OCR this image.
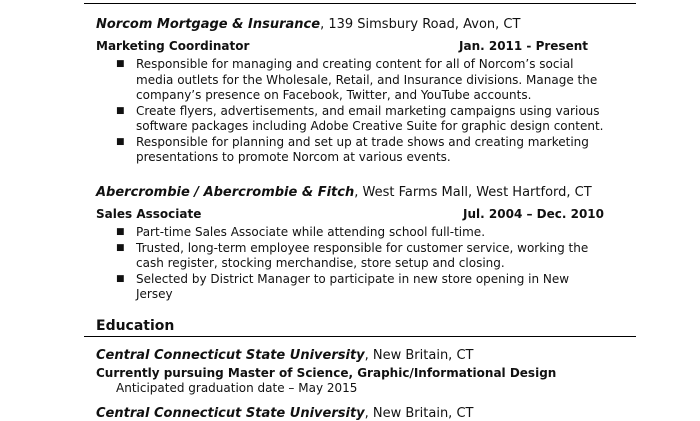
Norcom Mortgage & Insurance, 139 Simsbury Road, Avon, CT
Marketing Coordinator	Jan. 2011 - Present
■ Responsible for managing and creating content for all of Norcom’s social media outlets for the Wholesale, Retail, and Insurance divisions. Manage the company’s presence on Facebook, Twitter, and YouTube accounts.
■ Create flyers, advertisements, and email marketing campaigns using various software packages including Adobe Creative Suite for graphic design content.
■ Responsible for planning and set up at trade shows and creating marketing presentations to promote Norcom at various events.
Abercrombie / Abercrombie & Fitch, West Farms Mall, West Hartford, CT
Sales Associate	Jul. 2004 – Dec. 2010
■ Part-time Sales Associate while attending school full-time.
■ Trusted, long-term employee responsible for customer service, working the cash register, stocking merchandise, store setup and closing.
■ Selected by District Manager to participate in new store opening in New Jersey
Education
Central Connecticut State University, New Britain, CT
Currently pursuing Master of Science, Graphic/Informational Design
Anticipated graduation date – May 2015
Central Connecticut State University, New Britain, CT
